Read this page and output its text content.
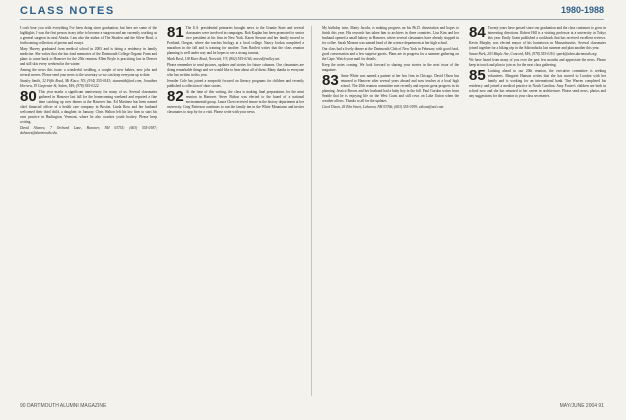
CLASS NOTES	1980-1988

I can't hear you with everything I've been doing since graduation, but here are some of the highlights. I was the first person in my tribe to become a surgeon and am currently working as a general surgeon in rural Alaska. I am also the author of The Shadow and the Silver Bowl, a forthcoming collection of poems and essays.

Mary Harvey graduated from medical school in 2003 and is doing a residency in family medicine. She writes that she has fond memories of the Dartmouth College Organic Farm and plans to come back to Hanover for the 25th reunion. Ellen Boyle is practicing law in Denver and still skis every weekend in the winter.

Among the news this issue: a wonderful wedding, a couple of new babies, new jobs and several moves. Please send your news to the secretary so we can keep everyone up to date.

Stanley Smith, 32 Fifth Road, Mt Kisco, NY; (914) 555-0143; stansmith@aol.com; Jonathan Herrera, 19 Carpenter St, Salem, MA; (978) 555-0122.

80 This year marks a significant anniversary for many of us. Several classmates gathered in Hanover last fall for the homecoming weekend and reported a fine time catching up over dinner at the Hanover Inn. Ed Martinez has been named chief financial officer of a health care company in Boston. Linda Ross and her husband welcomed their third child, a daughter, in January. Chris Walton left his law firm to start his own practice in Burlington, Vermont, where he also coaches youth hockey. Please keep writing.

David Alvarez, 7 Orchard Lane, Hanover, NH 03755; (603) 555-0187; dalvarez@dartmouth.edu.

81 The U.S. presidential primaries brought news to the Granite State and several classmates were involved in campaigns. Rob Kaplan has been promoted to senior vice president at his firm in New York. Karen Stewart and her family moved to Portland, Oregon, where she teaches biology at a local college. Nancy Jordan completed a marathon in the fall and is training for another. Tom Bartlett writes that the class reunion planning is well under way and he hopes to see a strong turnout.

Mark Reed, 118 River Road, Norwich, VT; (802) 555-0166; mreed@valley.net.

Please remember to send pictures, updates and stories for future columns. Our classmates are doing remarkable things and we would like to hear about all of them. Many thanks to everyone who has written in this year.

Jennifer Cole has joined a nonprofit focused on literacy programs for children and recently published a collection of short stories.

82 At the time of this writing, the class is making final preparations for the mini reunion in Hanover. Steve Bolton was elected to the board of a national environmental group. Laura Chen received tenure in the history department at her university. Greg Patterson continues to run the family inn in the White Mountains and invites classmates to stop by for a visit. Please write with your news.

My birthday twin, Marty Jacobs, is making progress on his Ph.D. dissertation and hopes to finish this year. His research has taken him to archives in three countries. Lisa Kim and her husband opened a small bakery in Hanover, where several classmates have already stopped in for coffee. Sarah Monroe was named head of the science department at her high school.

Our class had a lively dinner at the Dartmouth Club of New York in February with good food, good conversation and a few surprise guests. Plans are in progress for a summer gathering on the Cape. Watch your mail for details.

Keep the notes coming. We look forward to sharing your stories in the next issue of the magazine.

83 Anne White was named a partner at her law firm in Chicago. David Olson has returned to Hanover after several years abroad and now teaches at a local high school. The 20th reunion committee met recently and reports great progress in its planning. Jessica Brown and her husband had a baby boy in the fall. Paul Gordon writes from Seattle that he is enjoying life on the West Coast and still rows on Lake Union when the weather allows. Thanks to all for the updates.

Carol Dixon, 45 Elm Street, Lebanon, NH 03766; (603) 555-0199; cdixon@aol.com.

84 Twenty years have passed since our graduation and the class continues to grow in interesting directions. Robert Hill is a visiting professor at a university in Tokyo this year. Emily Grant published a cookbook that has received excellent reviews. Kevin Murphy was elected mayor of his hometown in Massachusetts. Several classmates joined together for a hiking trip in the Adirondacks last summer and plan another this year.

Susan Park, 203 Maple Ave, Concord, MA; (978) 555-0110; spark@alum.dartmouth.org.

We have heard from many of you over the past few months and appreciate the news. Please keep in touch and plan to join us for the next class gathering.

85 Looking ahead to our 20th reunion, the executive committee is seeking volunteers. Margaret Hanson writes that she has moved to London with her family and is working for an international bank. Tim Warren completed his residency and joined a medical practice in North Carolina. Amy Foster's children are both in school now and she has returned to her career in architecture. Please send news, photos and any suggestions for the reunion to your class secretaries.

90 DARTMOUTH ALUMNI MAGAZINE	MAY/JUNE 2004 91
